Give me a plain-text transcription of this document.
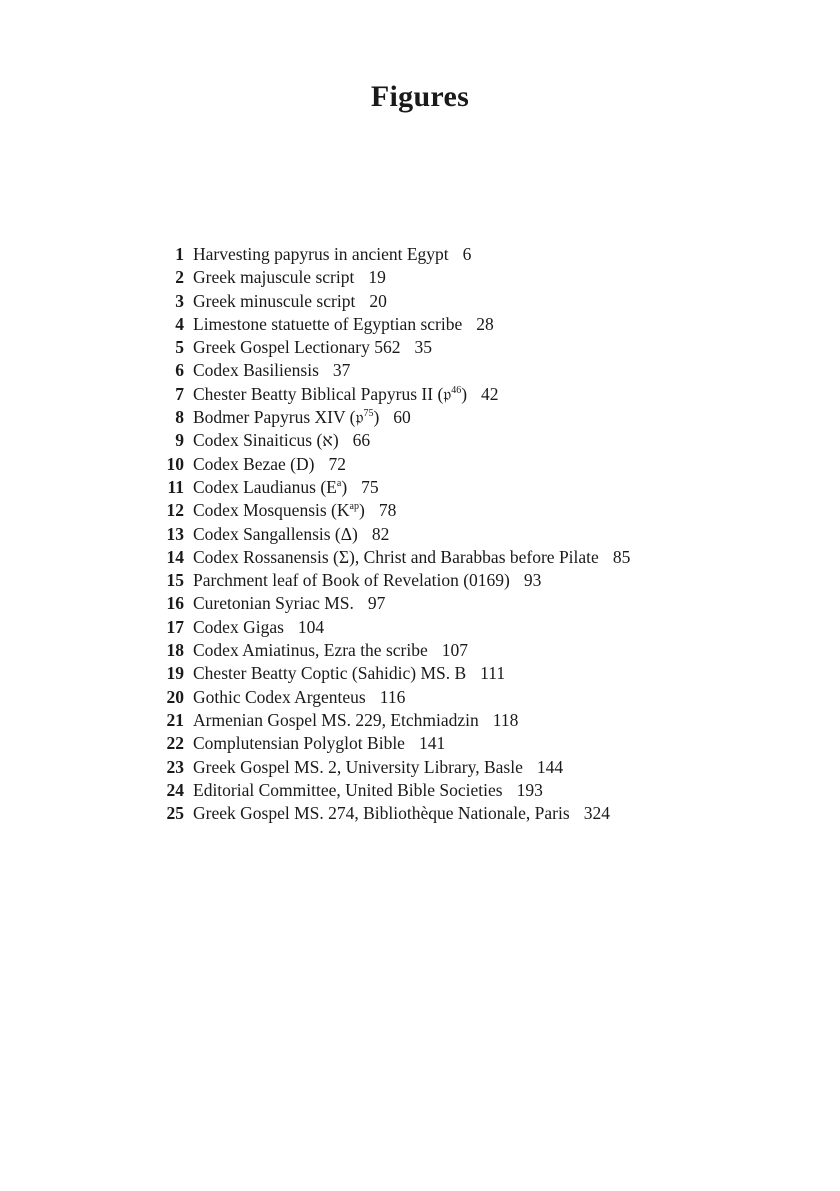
Figures
1 Harvesting papyrus in ancient Egypt 6
2 Greek majuscule script 19
3 Greek minuscule script 20
4 Limestone statuette of Egyptian scribe 28
5 Greek Gospel Lectionary 562 35
6 Codex Basiliensis 37
7 Chester Beatty Biblical Papyrus II (𝔭$^{46}$) 42
8 Bodmer Papyrus XIV (𝔭$^{75}$) 60
9 Codex Sinaiticus (א) 66
10 Codex Bezae (D) 72
11 Codex Laudianus $(E^a)$ 75
12 Codex Mosquensis $(K^{ap})$ 78
13 Codex Sangallensis (Δ) 82
14 Codex Rossanensis (Σ), Christ and Barabbas before Pilate 85
15 Parchment leaf of Book of Revelation (0169) 93
16 Curetonian Syriac MS. 97
17 Codex Gigas 104
18 Codex Amiatinus, Ezra the scribe 107
19 Chester Beatty Coptic (Sahidic) MS. B 111
20 Gothic Codex Argenteus 116
21 Armenian Gospel MS. 229, Etchmiadzin 118
22 Complutensian Polyglot Bible 141
23 Greek Gospel MS. 2, University Library, Basle 144
24 Editorial Committee, United Bible Societies 193
25 Greek Gospel MS. 274, Bibliothèque Nationale, Paris 324
